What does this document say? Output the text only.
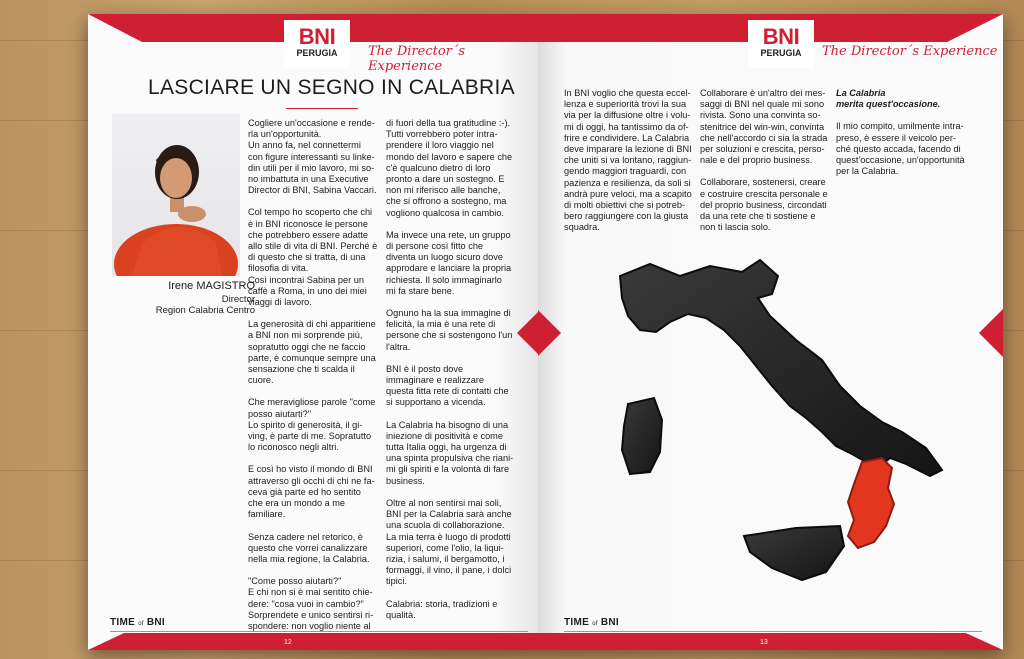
BNI
PERUGIA	The Director´s Experience
LASCIARE UN SEGNO IN CALABRIA
Irene MAGISTRO
Director
Region Calabria Centro

Cogliere un'occasione e renderla un'opportunità.
Un anno fa, nel connettermi con figure interessanti su linkedin utili per il mio lavoro, mi sono imbattuta in una Executive Director di BNI, Sabina Vaccari.

Col tempo ho scoperto che chi è in BNI riconosce le persone che potrebbero essere adatte allo stile di vita di BNI. Perché è di questo che si tratta, di una filosofia di vita.
Così incontrai Sabina per un caffè a Roma, in uno dei miei viaggi di lavoro.

La generosità di chi apparitiene a BNI non mi sorprende più, sopratutto oggi che ne faccio parte, è comunque sempre una sensazione che ti scalda il cuore.

Che meravigliose parole "come posso aiutarti?"
Lo spirito di generosità, il giving, è parte di me. Sopratutto lo riconosco negli altri.

E così ho visto il mondo di BNI attraverso gli occhi di chi ne faceva già parte ed ho sentito che era un mondo a me familiare.

Senza cadere nel retorico, è questo che vorrei canalizzare nella mia regione, la Calabria.

"Come posso aiutarti?"
E chi non si è mai sentito chiedere: "cosa vuoi in cambio?"
Sorprendete e unico sentirsi rispondere: non voglio niente al

di fuori della tua gratitudine :-).
Tutti vorrebbero poter intraprendere il loro viaggio nel mondo del lavoro e sapere che c'è qualcuno dietro di loro pronto a dare un sostegno. E non mi riferisco alle banche, che si offrono a sostegno, ma vogliono qualcosa in cambio.

Ma invece una rete, un gruppo di persone così fitto che diventa un luogo sicuro dove approdare e lanciare la propria richiesta. Il solo immaginarlo mi fa stare bene.

Ognuno ha la sua immagine di felicità, la mia è una rete di persone che si sostengono l'un l'altra.

BNI è il posto dove immaginare e realizzare questa fitta rete di contatti che si supportano a vicenda.

La Calabria ha bisogno di una iniezione di positività e come tutta Italia oggi, ha urgenza di una spinta propulsiva che rianimi gli spiriti e la volontà di fare business.

Oltre al non sentirsi mai soli, BNI per la Calabria sarà anche una scuola di collaborazione.
La mia terra è luogo di prodotti superiori, come l'olio, la liquirizia, i salumi, il bergamotto, i formaggi, il vino, il pane, i dolci tipici.

Calabria: storia, tradizioni e qualità.

TIME of BNI
12
BNI
PERUGIA	The Director´s Experience

In BNI voglio che questa eccellenza e superiorità trovi la sua via per la diffusione oltre i volumi di oggi, ha tantissimo da offrire e condividere. La Calabria deve imparare la lezione di BNI che uniti si va lontano, raggiungendo maggiori traguardi, con pazienza e resilienza, da soli si andrà pure veloci, ma a scapito di molti obiettivi che si potrebbero raggiungere con la giusta squadra.

Collaborare è un'altro dei messaggi di BNI nel quale mi sono rivista. Sono una convinta sostenitrice del win-win, convinta che nell'accordo ci sia la strada per soluzioni e crescita, personale e del proprio business.

Collaborare, sostenersi, creare e costruire crescita personale e del proprio business, circondati da una rete che ti sostiene e non ti lascia solo.

La Calabria
merita quest'occasione.

Il mio compito, umilmente intrapreso, è essere il veicolo perché questo accada, facendo di quest'occasione, un'opportunità per la Calabria.

TIME of BNI
13
